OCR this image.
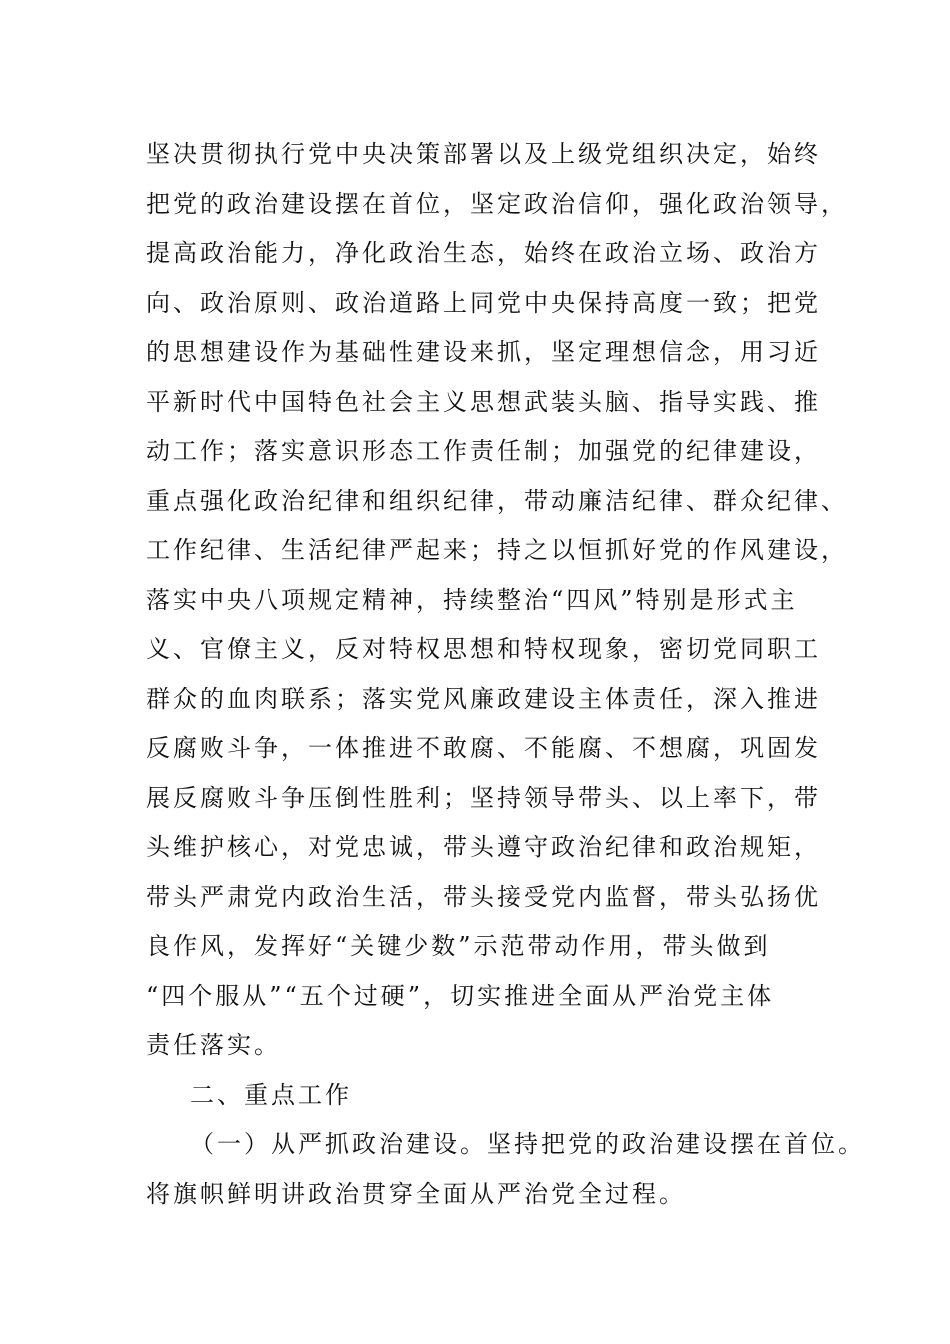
坚决贯彻执行党中央决策部署以及上级党组织决定，始终
把党的政治建设摆在首位，坚定政治信仰，强化政治领导，
提高政治能力，净化政治生态，始终在政治立场、政治方
向、政治原则、政治道路上同党中央保持高度一致；把党
的思想建设作为基础性建设来抓，坚定理想信念，用习近
平新时代中国特色社会主义思想武装头脑、指导实践、推
动工作；落实意识形态工作责任制；加强党的纪律建设，
重点强化政治纪律和组织纪律，带动廉洁纪律、群众纪律、
工作纪律、生活纪律严起来；持之以恒抓好党的作风建设，
落实中央八项规定精神，持续整治“四风”特别是形式主
义、官僚主义，反对特权思想和特权现象，密切党同职工
群众的血肉联系；落实党风廉政建设主体责任，深入推进
反腐败斗争，一体推进不敢腐、不能腐、不想腐，巩固发
展反腐败斗争压倒性胜利；坚持领导带头、以上率下，带
头维护核心，对党忠诚，带头遵守政治纪律和政治规矩，
带头严肃党内政治生活，带头接受党内监督，带头弘扬优
良作风，发挥好“关键少数”示范带动作用，带头做到
“四个服从”“五个过硬”，切实推进全面从严治党主体
责任落实。
二、重点工作
（一）从严抓政治建设。坚持把党的政治建设摆在首位。
将旗帜鲜明讲政治贯穿全面从严治党全过程。
